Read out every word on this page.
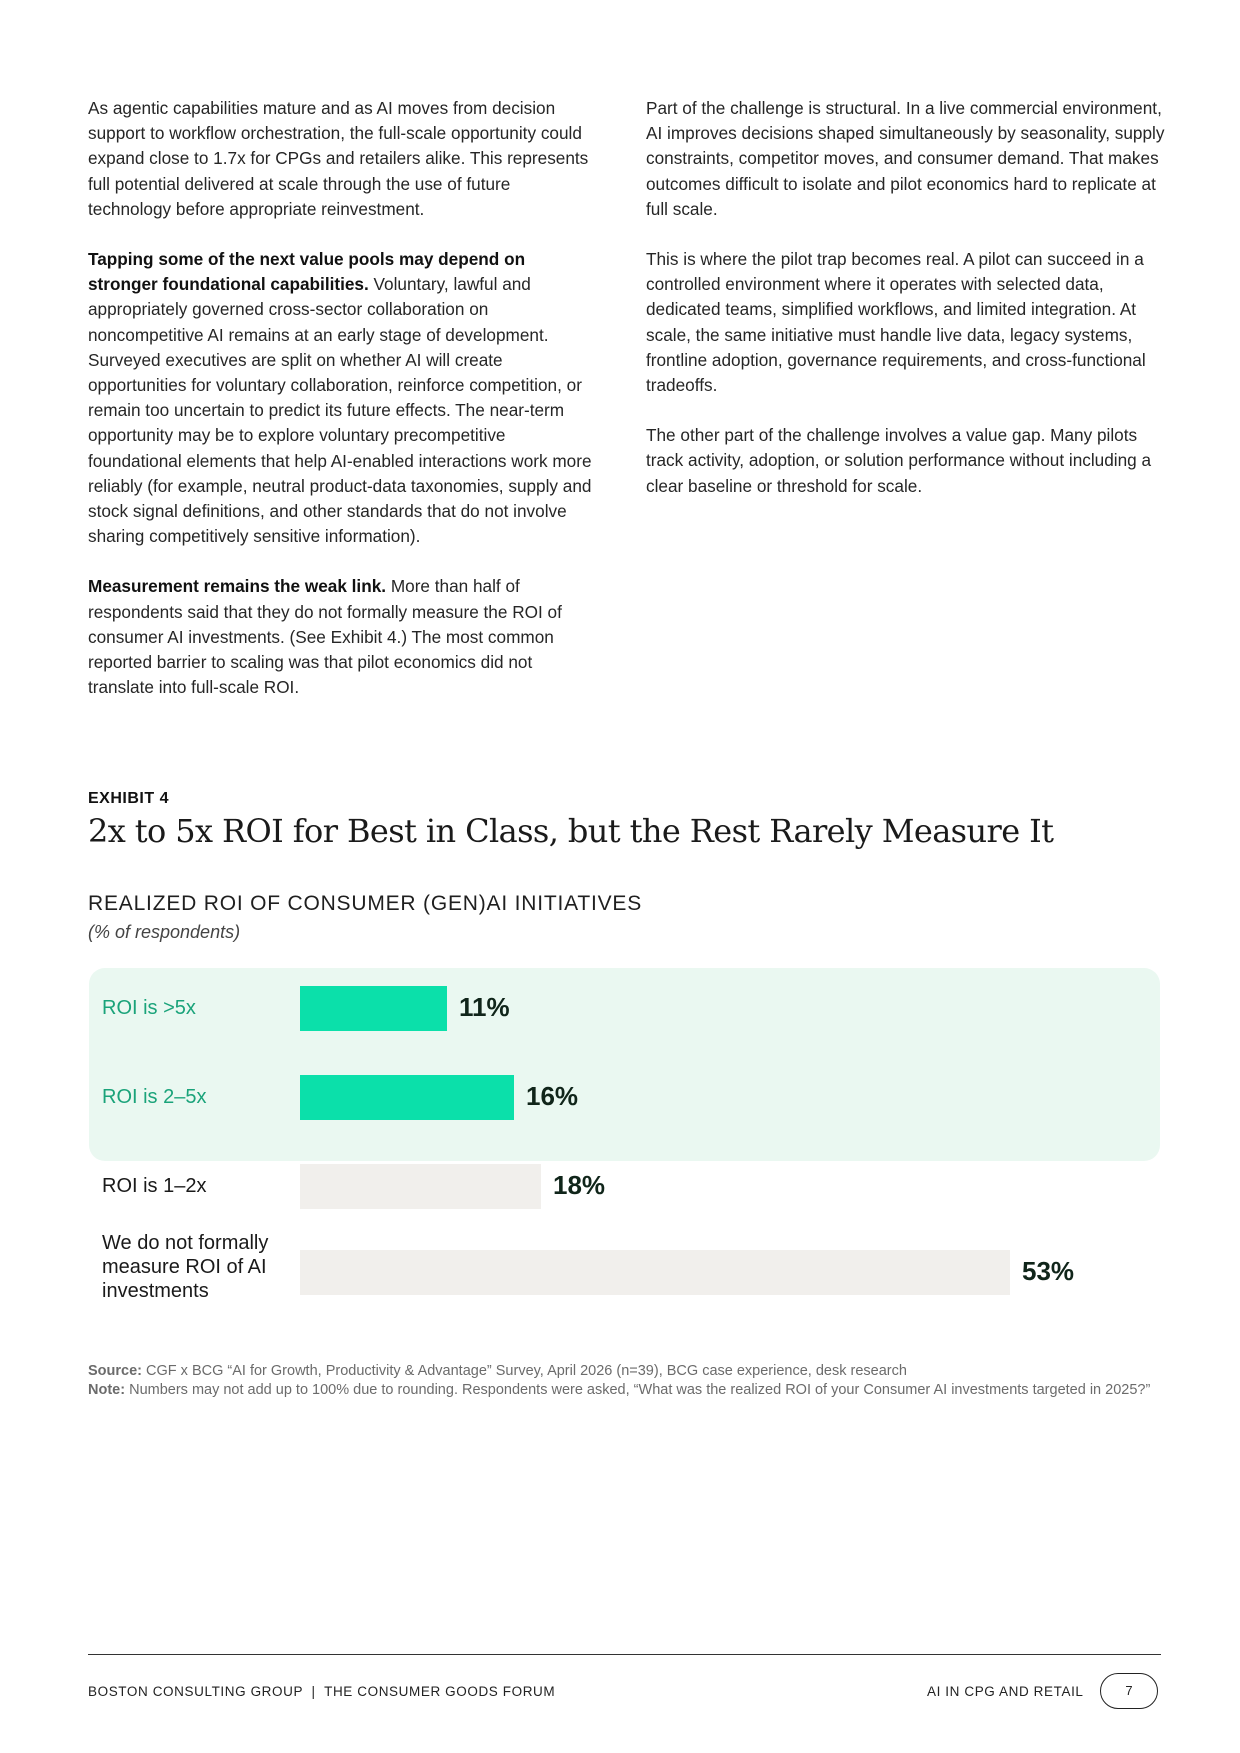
As agentic capabilities mature and as AI moves from decision support to workflow orchestration, the full-scale opportunity could expand close to 1.7x for CPGs and retailers alike. This represents full potential delivered at scale through the use of future technology before appropriate reinvestment.

Tapping some of the next value pools may depend on stronger foundational capabilities. Voluntary, lawful and appropriately governed cross-sector collaboration on noncompetitive AI remains at an early stage of development. Surveyed executives are split on whether AI will create opportunities for voluntary collaboration, reinforce competition, or remain too uncertain to predict its future effects. The near-term opportunity may be to explore voluntary precompetitive foundational elements that help AI-enabled interactions work more reliably (for example, neutral product-data taxonomies, supply and stock signal definitions, and other standards that do not involve sharing competitively sensitive information).

Measurement remains the weak link. More than half of respondents said that they do not formally measure the ROI of consumer AI investments. (See Exhibit 4.) The most common reported barrier to scaling was that pilot economics did not translate into full-scale ROI.

Part of the challenge is structural. In a live commercial environment, AI improves decisions shaped simultaneously by seasonality, supply constraints, competitor moves, and consumer demand. That makes outcomes difficult to isolate and pilot economics hard to replicate at full scale.

This is where the pilot trap becomes real. A pilot can succeed in a controlled environment where it operates with selected data, dedicated teams, simplified workflows, and limited integration. At scale, the same initiative must handle live data, legacy systems, frontline adoption, governance requirements, and cross-functional tradeoffs.

The other part of the challenge involves a value gap. Many pilots track activity, adoption, or solution performance without including a clear baseline or threshold for scale.

EXHIBIT 4
2x to 5x ROI for Best in Class, but the Rest Rarely Measure It
REALIZED ROI OF CONSUMER (GEN)AI INITIATIVES
(% of respondents)
ROI is >5x	11%
ROI is 2–5x	16%
ROI is 1–2x	18%
We do not formally measure ROI of AI investments
53%
Source: CGF x BCG “AI for Growth, Productivity & Advantage” Survey, April 2026 (n=39), BCG case experience, desk research
Note: Numbers may not add up to 100% due to rounding. Respondents were asked, “What was the realized ROI of your Consumer AI investments targeted in 2025?”
BOSTON CONSULTING GROUP  |  THE CONSUMER GOODS FORUM	AI IN CPG AND RETAIL	7
